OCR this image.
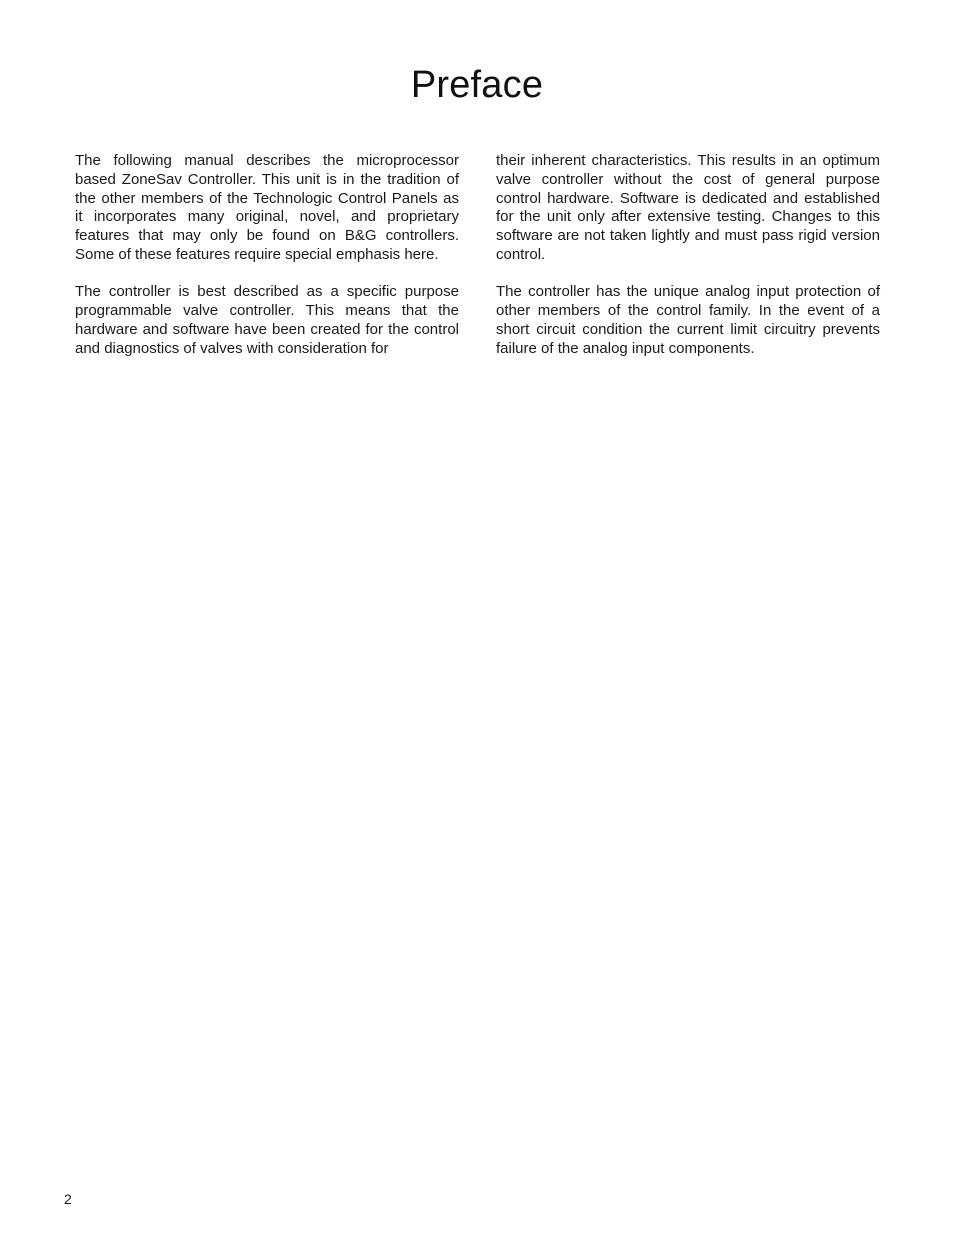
Preface

The following manual describes the microprocessor based ZoneSav Controller. This unit is in the tradition of the other members of the Technologic Control Panels as it incorporates many original, novel, and proprietary features that may only be found on B&G controllers. Some of these features require special emphasis here.

The controller is best described as a specific purpose programmable valve controller. This means that the hardware and software have been created for the control and diagnostics of valves with consideration for

their inherent characteristics. This results in an optimum valve controller without the cost of general purpose control hardware. Software is dedicated and established for the unit only after extensive testing. Changes to this software are not taken lightly and must pass rigid version control.

The controller has the unique analog input protection of other members of the control family. In the event of a short circuit condition the current limit circuitry prevents failure of the analog input components.

2
